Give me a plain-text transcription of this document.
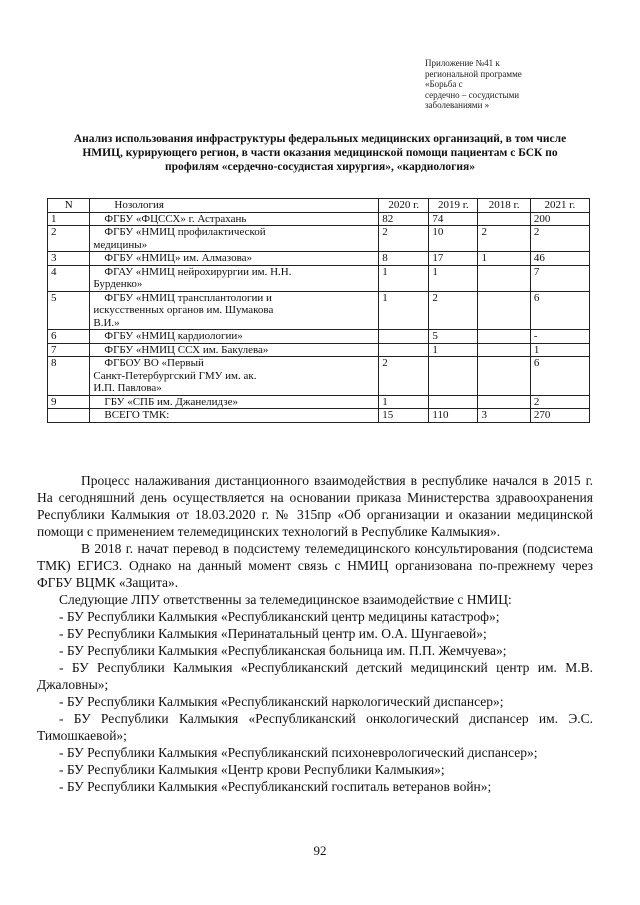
Приложение №41 к
региональной программе
«Борьба с
сердечно – сосудистыми
заболеваниями »
Анализ использования инфраструктуры федеральных медицинских организаций, в том числе
НМИЦ, курирующего регион, в части оказания медицинской помощи пациентам с БСК по
профилям «сердечно-сосудистая хирургия», «кардиология»
N	Нозология	2020 г.	2019 г.	2018 г.	2021 г.
1	ФГБУ «ФЦССХ» г. Астрахань	82	74		200
2	ФГБУ «НМИЦ профилактической
медицины»	2	10	2	2
3	ФГБУ «НМИЦ» им. Алмазова»	8	17	1	46
4	ФГАУ «НМИЦ нейрохирургии им. Н.Н.
Бурденко»	1	1		7
5	ФГБУ «НМИЦ трансплантологии и
искусственных органов им. Шумакова
В.И.»	1	2		6
6	ФГБУ «НМИЦ кардиологии»		5		-
7	ФГБУ «НМИЦ ССХ им. Бакулева»		1		1
8	ФГБОУ ВО «Первый
Санкт-Петербургский ГМУ им. ак.
И.П. Павлова»	2			6
9	ГБУ «СПБ им. Джанелидзе»	1			2

	ВСЕГО ТМК:	15	110	3	270

Процесс налаживания дистанционного взаимодействия в республике начался в 2015 г. На сегодняшний день осуществляется на основании приказа Министерства здравоохранения Республики Калмыкия от 18.03.2020 г. № 315пр «Об организации и оказании медицинской помощи с применением телемедицинских технологий в Республике Калмыкия».

В 2018 г. начат перевод в подсистему телемедицинского консультирования (подсистема ТМК) ЕГИСЗ. Однако на данный момент связь с НМИЦ организована по-прежнему через ФГБУ ВЦМК «Защита».

Следующие ЛПУ ответственны за телемедицинское взаимодействие с НМИЦ:

- БУ Республики Калмыкия «Республиканский центр медицины катастроф»;

- БУ Республики Калмыкия «Перинатальный центр им. О.А. Шунгаевой»;

- БУ Республики Калмыкия «Республиканская больница им. П.П. Жемчуева»;

- БУ Республики Калмыкия «Республиканский детский медицинский центр им. М.В. Джаловны»;

- БУ Республики Калмыкия «Республиканский наркологический диспансер»;

- БУ Республики Калмыкия «Республиканский онкологический диспансер им. Э.С. Тимошкаевой»;

- БУ Республики Калмыкия «Республиканский психоневрологический диспансер»;

- БУ Республики Калмыкия «Центр крови Республики Калмыкия»;

- БУ Республики Калмыкия «Республиканский госпиталь ветеранов войн»;

92
